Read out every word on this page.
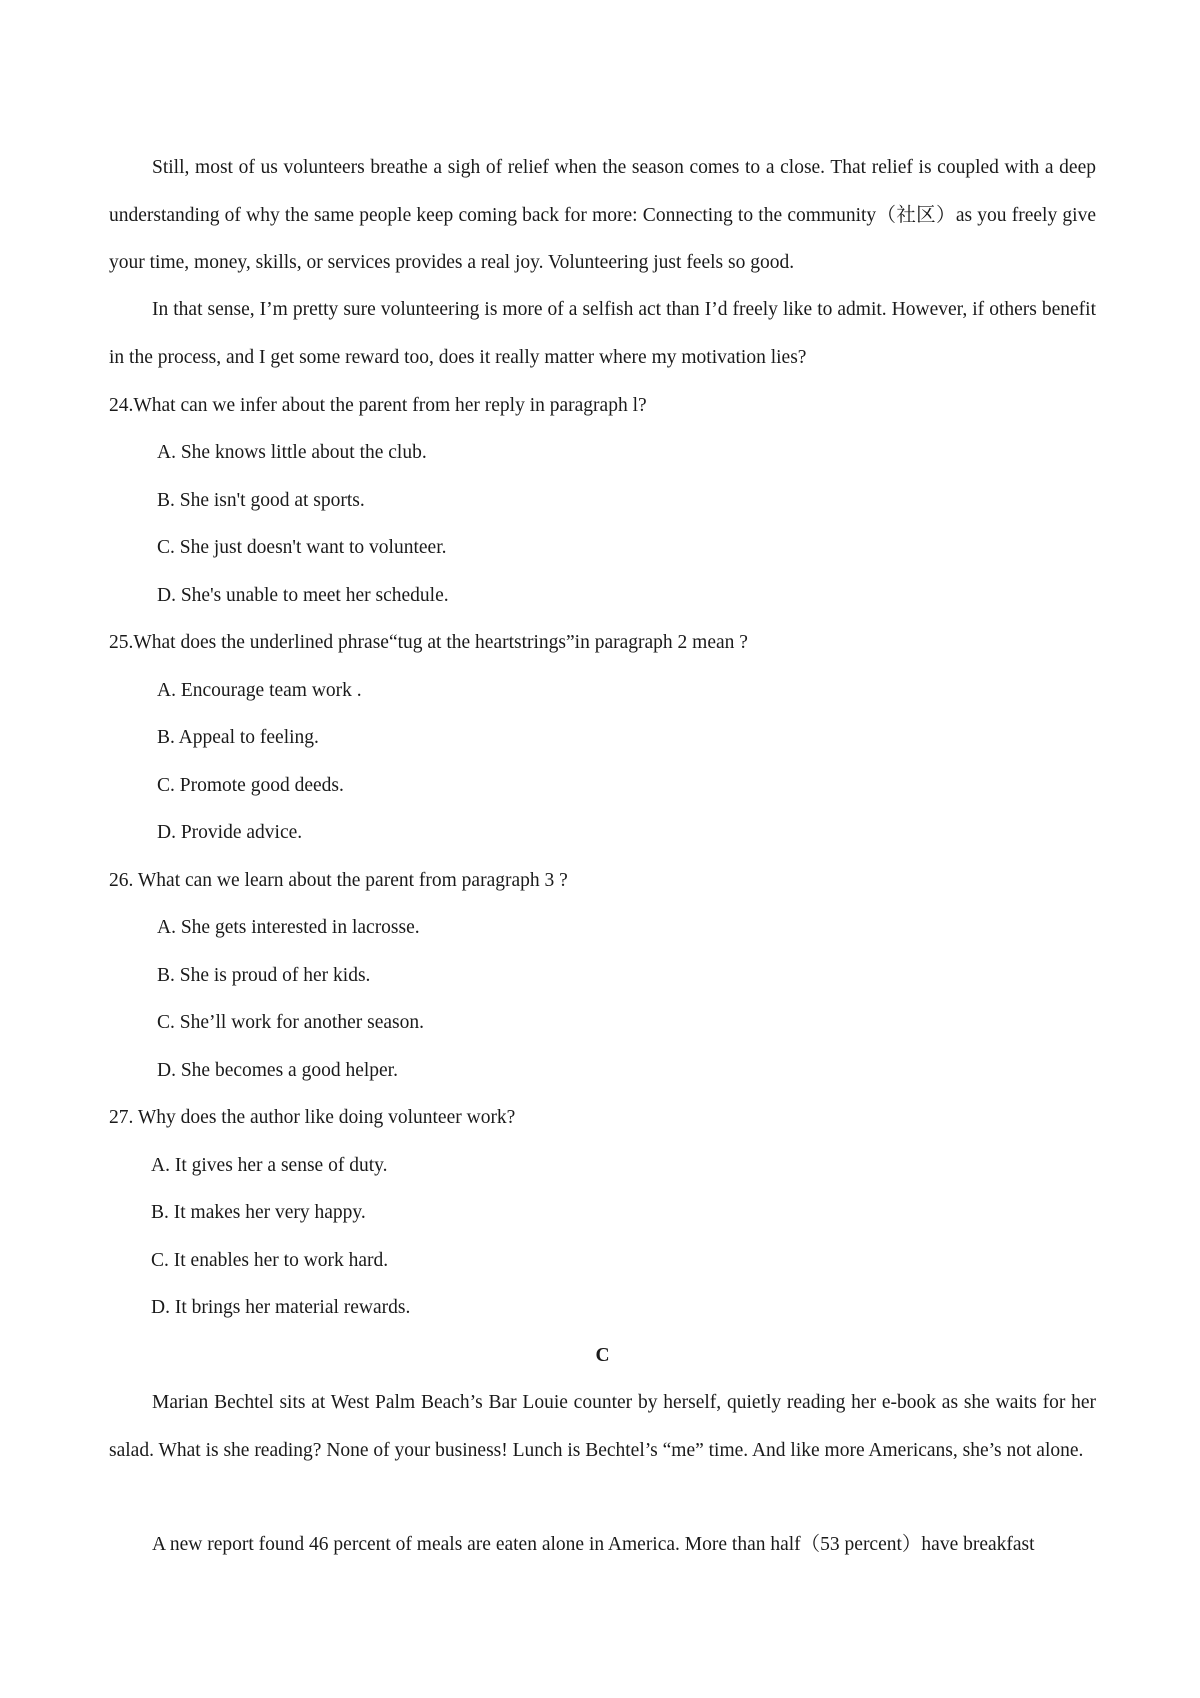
Still, most of us volunteers breathe a sigh of relief when the season comes to a close. That relief is coupled with a deep understanding of why the same people keep coming back for more: Connecting to the community（社区）as you freely give your time, money, skills, or services provides a real joy. Volunteering just feels so good.

In that sense, I’m pretty sure volunteering is more of a selfish act than I’d freely like to admit. However, if others benefit in the process, and I get some reward too, does it really matter where my motivation lies?

24.What can we infer about the parent from her reply in paragraph l?

A. She knows little about the club.

B. She isn't good at sports.

C. She just doesn't want to volunteer.

D. She's unable to meet her schedule.

25.What does the underlined phrase“tug at the heartstrings”in paragraph 2 mean ?

A. Encourage team work .

B. Appeal to feeling.

C. Promote good deeds.

D. Provide advice.

26. What can we learn about the parent from paragraph 3 ?

A. She gets interested in lacrosse.

B. She is proud of her kids.

C. She’ll work for another season.

D. She becomes a good helper.

27. Why does the author like doing volunteer work?

A. It gives her a sense of duty.

B. It makes her very happy.

C. It enables her to work hard.

D. It brings her material rewards.

C

Marian Bechtel sits at West Palm Beach’s Bar Louie counter by herself, quietly reading her e-book as she waits for her salad. What is she reading? None of your business! Lunch is Bechtel’s “me” time. And like more Americans, she’s not alone.

A new report found 46 percent of meals are eaten alone in America. More than half（53 percent）have breakfast
